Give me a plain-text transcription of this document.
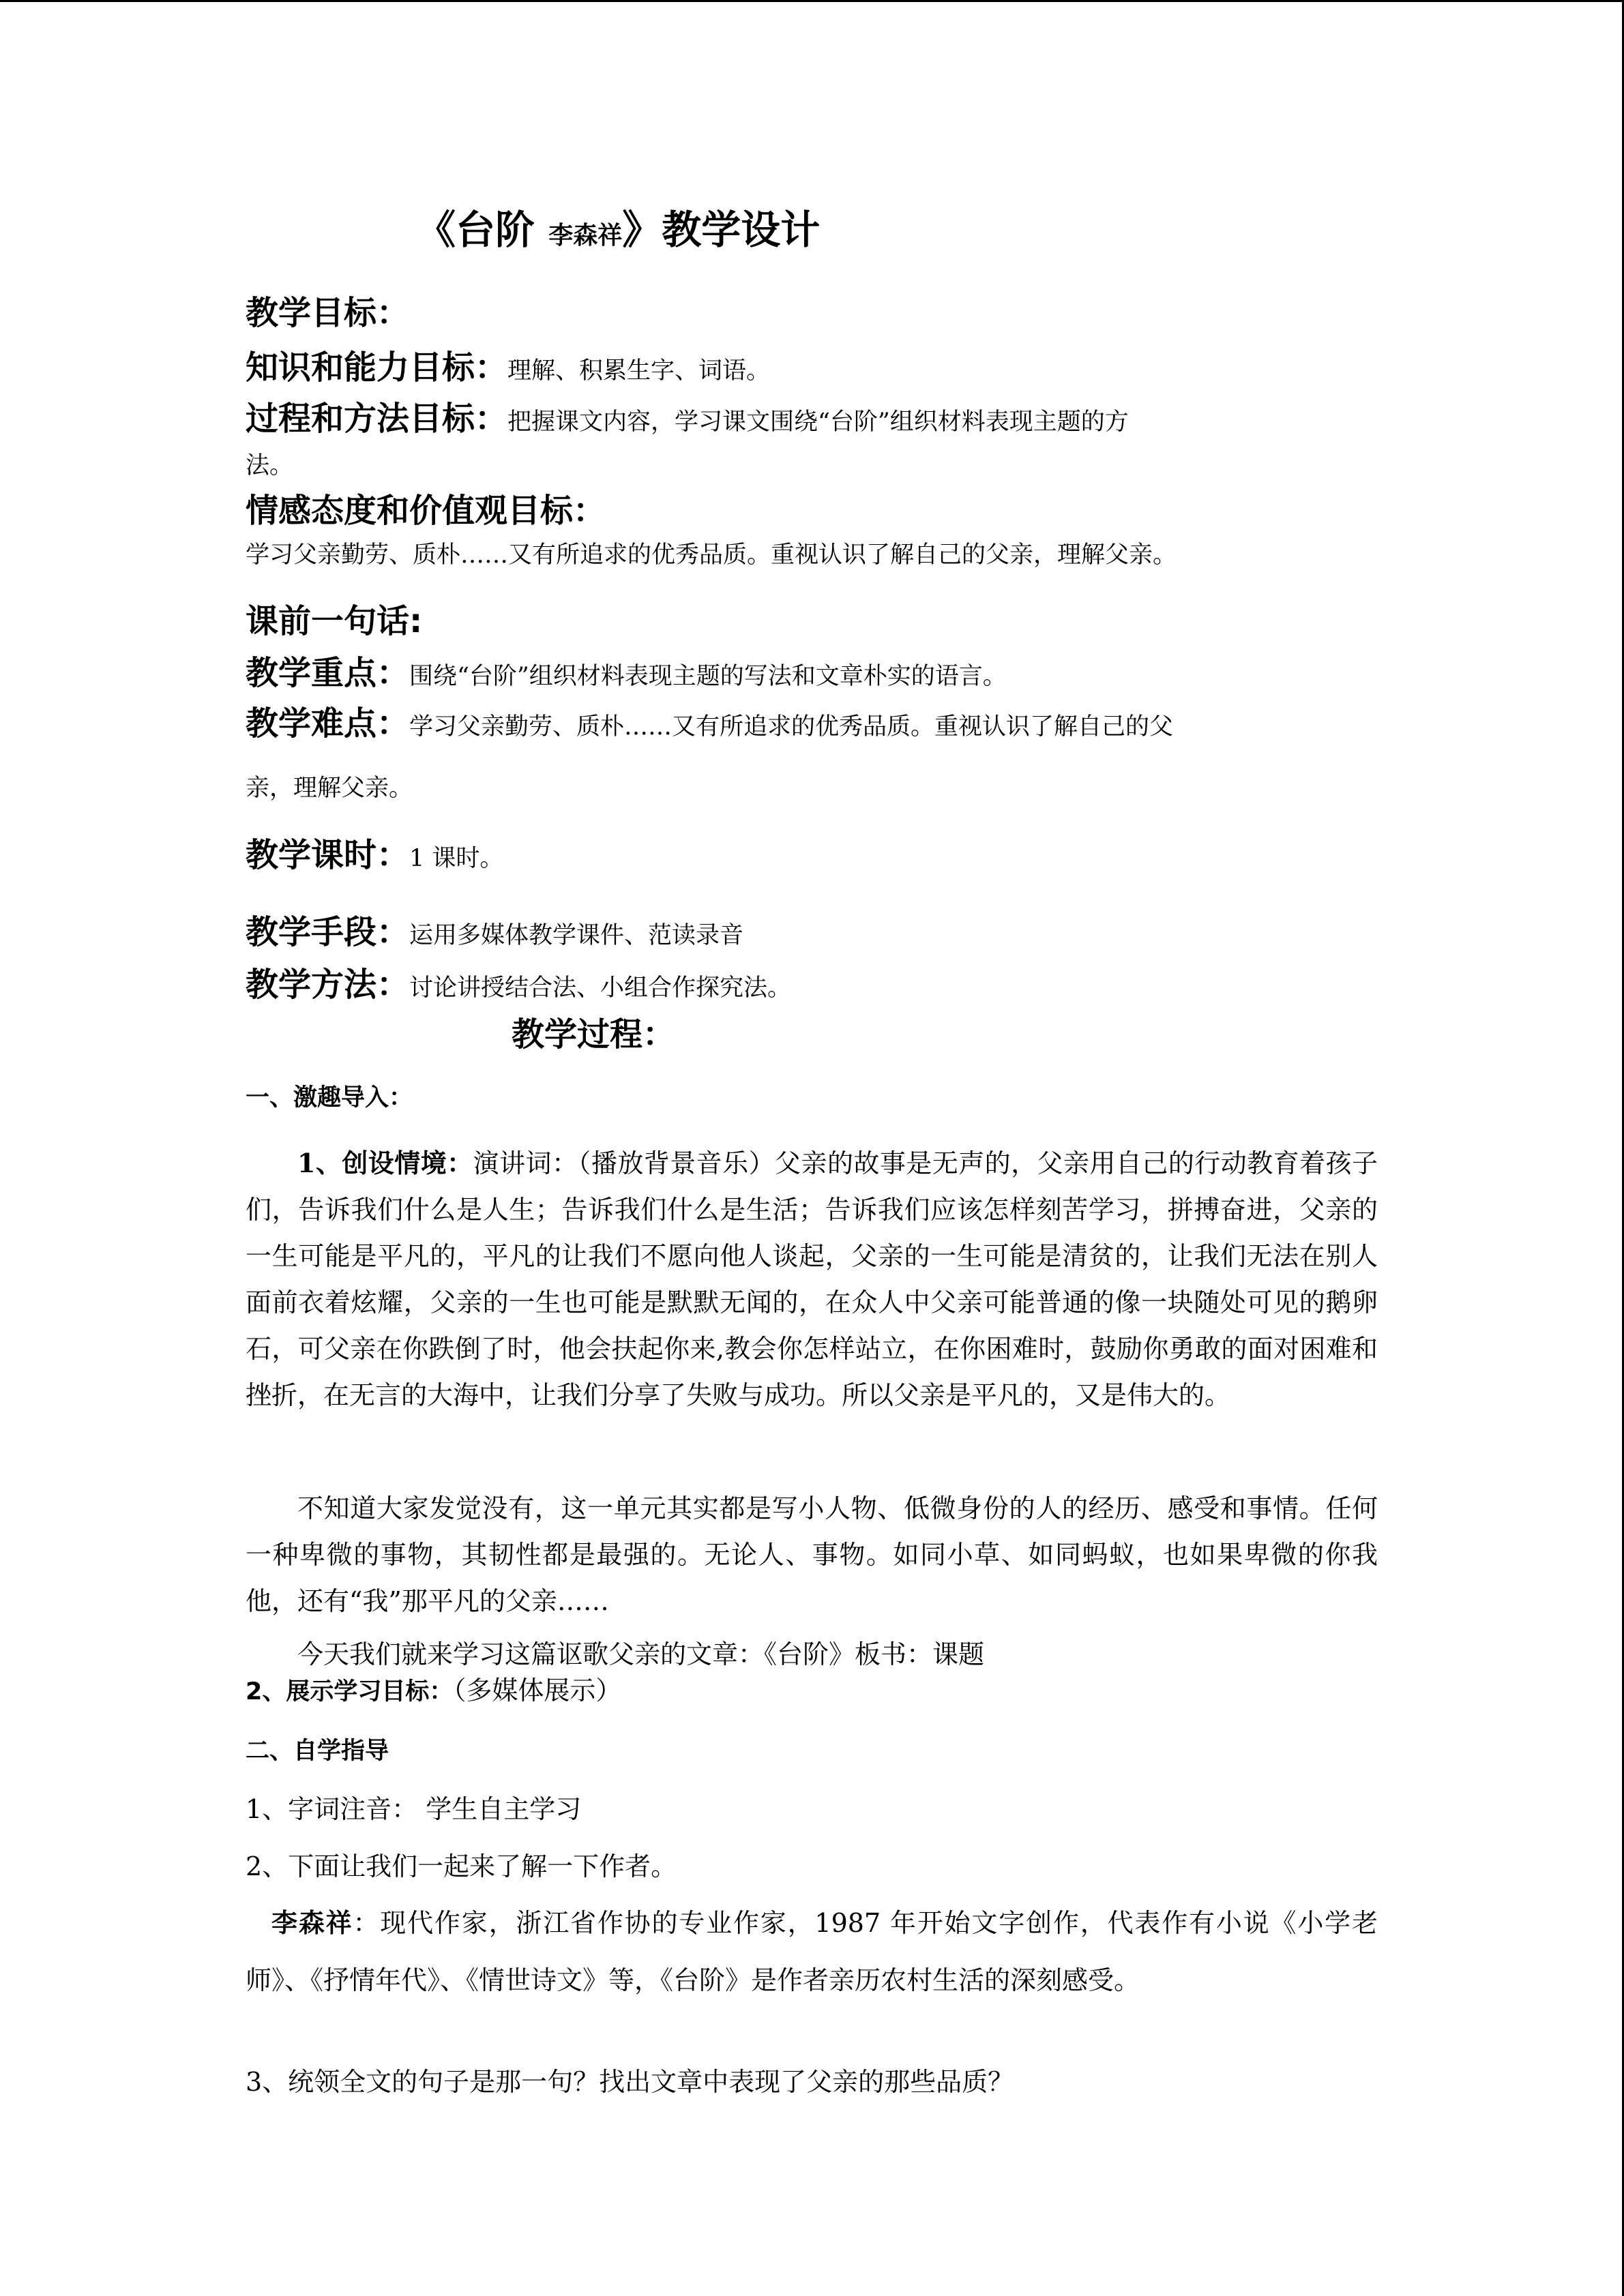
《台阶 李森祥》教学设计
教学目标：
知识和能力目标：理解、积累生字、词语。
过程和方法目标：把握课文内容，学习课文围绕“台阶”组织材料表现主题的方
法。
情感态度和价值观目标：
学习父亲勤劳、质朴……又有所追求的优秀品质。重视认识了解自己的父亲，理解父亲。
课前一句话:
教学重点：围绕“台阶”组织材料表现主题的写法和文章朴实的语言。
教学难点：学习父亲勤劳、质朴……又有所追求的优秀品质。重视认识了解自己的父
亲，理解父亲。
教学课时：1 课时。
教学手段：运用多媒体教学课件、范读录音
教学方法：讨论讲授结合法、小组合作探究法。
教学过程：
一、激趣导入：
1、创设情境：演讲词：（播放背景音乐）父亲的故事是无声的，父亲用自己的行动教育着孩子们，告诉我们什么是人生；告诉我们什么是生活；告诉我们应该怎样刻苦学习，拼搏奋进，父亲的一生可能是平凡的，平凡的让我们不愿向他人谈起，父亲的一生可能是清贫的，让我们无法在别人面前衣着炫耀，父亲的一生也可能是默默无闻的，在众人中父亲可能普通的像一块随处可见的鹅卵石，可父亲在你跌倒了时，他会扶起你来,教会你怎样站立，在你困难时，鼓励你勇敢的面对困难和挫折，在无言的大海中，让我们分享了失败与成功。所以父亲是平凡的，又是伟大的。
不知道大家发觉没有，这一单元其实都是写小人物、低微身份的人的经历、感受和事情。任何一种卑微的事物，其韧性都是最强的。无论人、事物。如同小草、如同蚂蚁，也如果卑微的你我他，还有“我”那平凡的父亲……
今天我们就来学习这篇讴歌父亲的文章：《台阶》板书：课题
2、展示学习目标：（多媒体展示）
二、自学指导
1、字词注音： 学生自主学习
2、下面让我们一起来了解一下作者。
李森祥：现代作家，浙江省作协的专业作家，1987 年开始文字创作，代表作有小说《小学老师》、《抒情年代》、《情世诗文》等，《台阶》是作者亲历农村生活的深刻感受。
3、统领全文的句子是那一句？找出文章中表现了父亲的那些品质？
